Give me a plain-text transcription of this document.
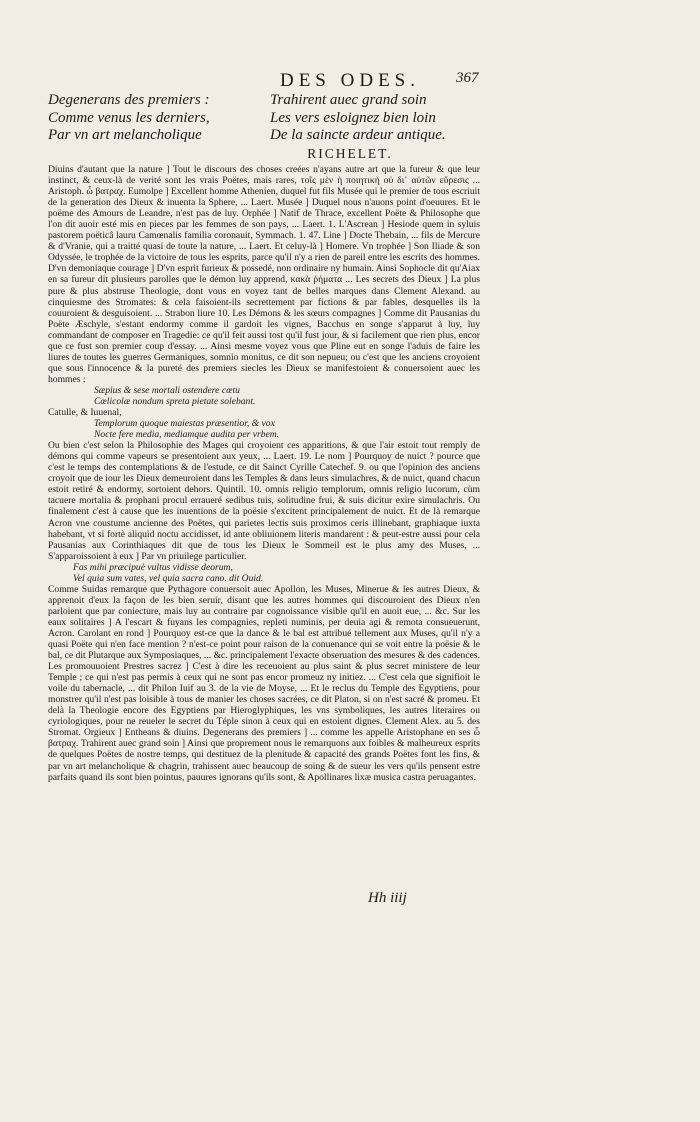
DES ODES.	367
Degenerans des premiers :
Comme venus les derniers,
Par vn art melancholique
Trahirent auec grand soin
Les vers esloignez bien loin
De la saincte ardeur antique.
RICHELET.

Diuins d'autant que la nature ] Tout le discours des choses creées n'ayans autre art que la fureur & que leur instinct, & ceux-là de verité sont les vrais Poëtes, mais rares, τοῖς μὲν ἡ ποιητικὴ οὐ δι᾽ αὐτῶν εὕρεσις ... Aristoph. ὦ βατραχ. Eumolpe ] Excellent homme Athenien, duquel fut fils Musée qui le premier de tous escriuit de la generation des Dieux & inuenta la Sphere, ... Laert. Musée ] Duquel nous n'auons point d'oeuures. Et le poëme des Amours de Leandre, n'est pas de luy. Orphée ] Natif de Thrace, excellent Poëte & Philosophe que l'on dit auoir esté mis en pieces par les femmes de son pays, ... Laert. 1. L'Ascrean ] Hesiode quem in syluis pastorem poëticâ lauru Camœnalis familia coronauit, Symmach. 1. 47. Line ] Docte Thebain, ... fils de Mercure & d'Vranie, qui a traitté quasi de toute la nature, ... Laert. Et celuy-là ] Homere. Vn trophée ] Son Iliade & son Odyssée, le trophée de la victoire de tous les esprits, parce qu'il n'y a rien de pareil entre les escrits des hommes. D'vn demoniaque courage ] D'vn esprit furieux & possedé, non ordinaire ny humain. Ainsi Sophocle dit qu'Aiax en sa fureur dit plusieurs parolles que le démon luy apprend, κακὰ ῥήματα ... Les secrets des Dieux ] La plus pure & plus abstruse Theologie, dont vous en voyez tant de belles marques dans Clement Alexand. au cinquiesme des Stromates: & cela faisoient-ils secrettement par fictions & par fables, desquelles ils la couuroient & desguisoient. ... Strabon liure 10. Les Démons & les sœurs compagnes ] Comme dit Pausanias du Poëte Æschyle, s'estant endormy comme il gardoit les vignes, Bacchus en songe s'apparut à luy, luy commandant de composer en Tragedie: ce qu'il feit aussi tost qu'il fust jour, & si facilement que rien plus, encor que ce fust son premier coup d'essay. ... Ainsi mesme voyez vous que Pline eut en songe l'aduis de faire les liures de toutes les guerres Germaniques, somnio monitus, ce dit son nepueu; ou c'est que les anciens croyoient que sous l'innocence & la pureté des premiers siecles les Dieux se manifestoient & conuersoient auec les hommes :

Sæpius & sese mortali ostendere cœtu

Cœlicolæ nondum spreta pietate solebant.

Catulle, & Iuuenal,

Templorum quoque maiestas præsentior, & vox

Nocte fere media, mediamque audita per vrbem.

Ou bien c'est selon la Philosophie des Mages qui croyoient ces apparitions, & que l'air estoit tout remply de démons qui comme vapeurs se presentoient aux yeux, ... Laert. 19. Le nom ] Pourquoy de nuict ? pource que c'est le temps des contemplations & de l'estude, ce dit Sainct Cyrille Catechef. 9. ou que l'opinion des anciens croyoit que de iour les Dieux demeuroient dans les Temples & dans leurs simulachres, & de nuict, quand chacun estoit retiré & endormy, sortoient dehors. Quintil. 10. omnis religio templorum, omnis religio lucorum, cùm tacuere mortalia & prophani procul erraueré sedibus tuis, solitudine frui, & suis dicitur exire simulachris. Ou finalement c'est à cause que les inuentions de la poësie s'excitent principalement de nuict. Et de là remarque Acron vne coustume ancienne des Poëtes, qui parietes lectis suis proximos ceris illinebant, graphiaque iuxta habebant, vt si fortè aliquid noctu accidisset, id ante obliuionem literis mandarent : & peut-estre aussi pour cela Pausanias aux Corinthiaques dit que de tous les Dieux le Sommeil est le plus amy des Muses, ... S'apparoissoient à eux ] Par vn priuilege particulier.

Fas mihi præcipuè vultus vidisse deorum,

Vel quia sum vates, vel quia sacra cano. dit Ouid.

Comme Suidas remarque que Pythagore conuersoit auec Apollon, les Muses, Minerue & les autres Dieux, & apprenoit d'eux la façon de les bien seruir, disant que les autres hommes qui discouroient des Dieux n'en parloient que par coniecture, mais luy au contraire par cognoissance visible qu'il en auoit eue, ... &c. Sur les eaux solitaires ] A l'escart & fuyans les compagnies, repleti numinis, per deuia agi & remota consueuerunt, Acron. Carolant en rond ] Pourquoy est-ce que la dance & le bal est attribué tellement aux Muses, qu'il n'y a quasi Poëte qui n'en face mention ? n'est-ce point pour raison de la conuenance qui se voit entre la poësie & le bal, ce dit Plutarque aux Symposiaques, ... &c. principalement l'exacte obseruation des mesures & des cadences. Les promouuoient Prestres sacrez ] C'est à dire les receuoient au plus saint & plus secret ministere de leur Temple ; ce qui n'est pas permis à ceux qui ne sont pas encor promeuz ny initiez. ... C'est cela que signifioit le voile du tabernacle, ... dit Philon Iuif au 3. de la vie de Moyse, ... Et le reclus du Temple des Egyptiens, pour monstrer qu'il n'est pas loisible à tous de manier les choses sacrées, ce dit Platon, si on n'est sacré & promeu. Et delà la Theologie encore des Egyptiens par Hieroglyphiques, les vns symboliques, les autres literaires ou cyriologiques, pour ne reueler le secret du Téple sinon à ceux qui en estoient dignes. Clement Alex. au 5. des Stromat. Orgieux ] Entheans & diuins. Degenerans des premiers ] ... comme les appelle Aristophane en ses ὦ βατραχ. Trahirent auec grand soin ] Ainsi que proprement nous le remarquons aux foibles & malheureux esprits de quelques Poëtes de nostre temps, qui destituez de la plenitude & capacité des grands Poëtes font les fins, & par vn art melancholique & chagrin, trahissent auec beaucoup de soing & de sueur les vers qu'ils pensent estre parfaits quand ils sont bien pointus, pauures ignorans qu'ils sont, & Apollinares lixæ musica castra peruagantes.

Hh iiij
